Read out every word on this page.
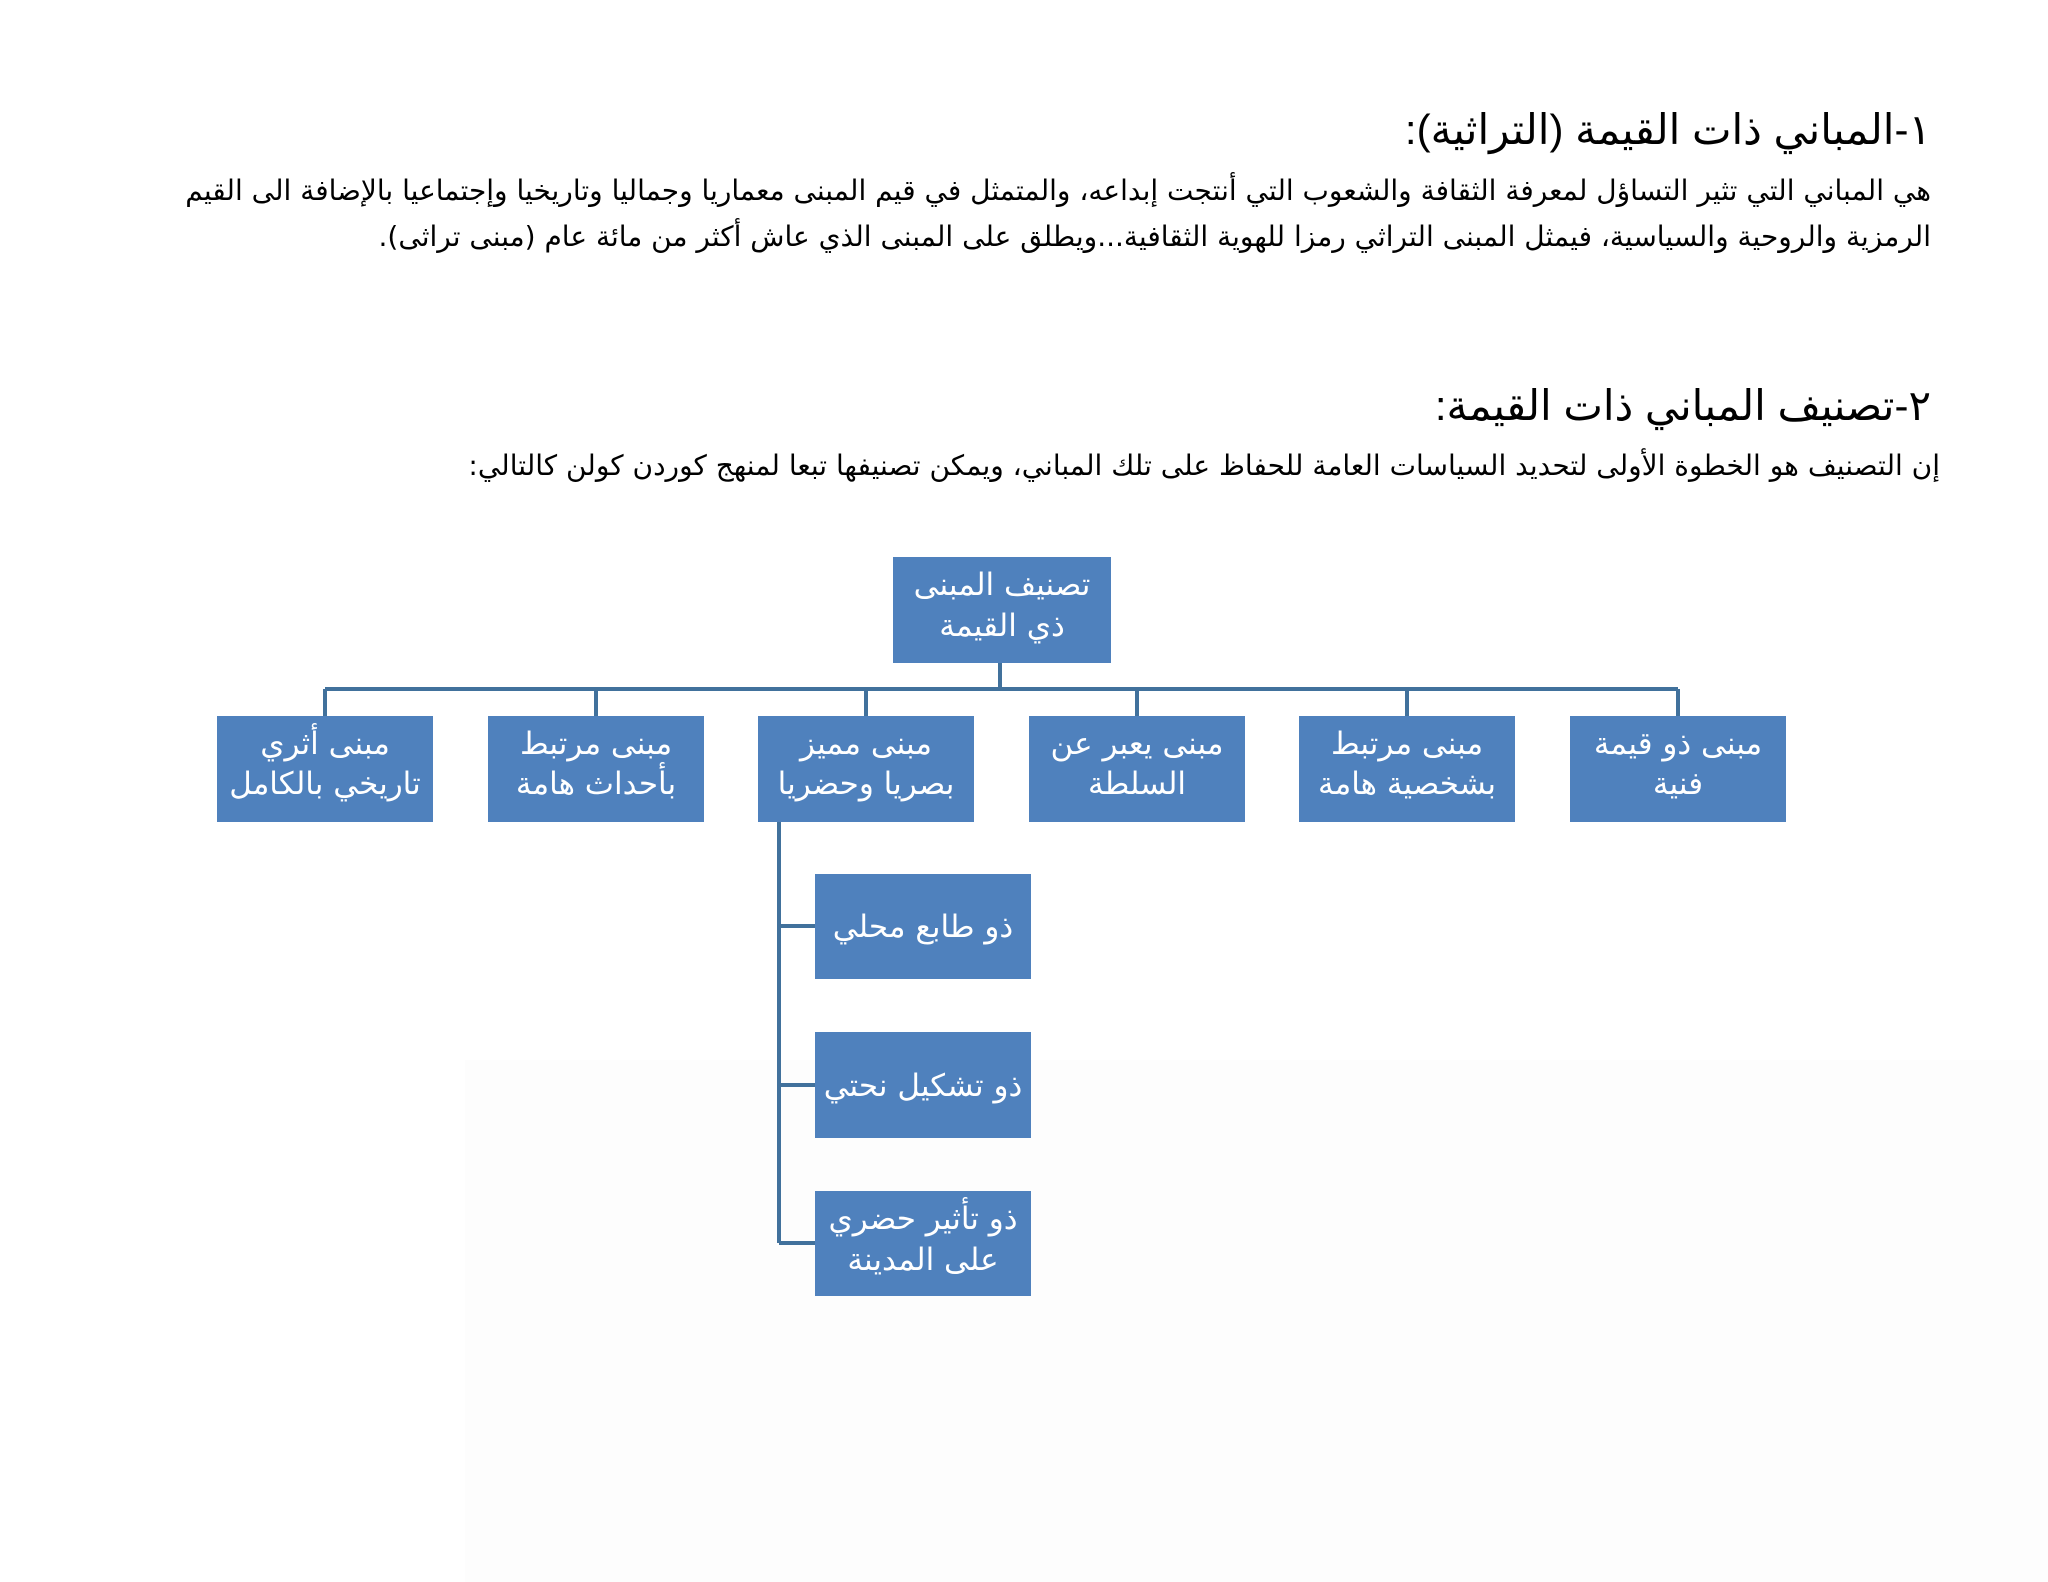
١-المباني ذات القيمة (التراثية):
هي المباني التي تثير التساؤل لمعرفة الثقافة والشعوب التي أنتجت إبداعه، والمتمثل في قيم المبنى معماريا وجماليا وتاريخيا وإجتماعيا بالإضافة الى القيم الرمزية والروحية والسياسية، فيمثل المبنى التراثي رمزا للهوية الثقافية...ويطلق على المبنى الذي عاش أكثر من مائة عام (مبنى تراثى).
٢-تصنيف المباني ذات القيمة:
إن التصنيف هو الخطوة الأولى لتحديد السياسات العامة للحفاظ على تلك المباني، ويمكن تصنيفها تبعا لمنهج كوردن كولن كالتالي:
تصنيف المبنى
ذي القيمة
مبنى ذو قيمة
فنية
مبنى مرتبط
بشخصية هامة
مبنى يعبر عن
السلطة
مبنى مميز
بصريا وحضريا
مبنى مرتبط
بأحداث هامة
مبنى أثري
تاريخي بالكامل
ذو طابع محلي
ذو تشكيل نحتي
ذو تأثير حضري
على المدينة
